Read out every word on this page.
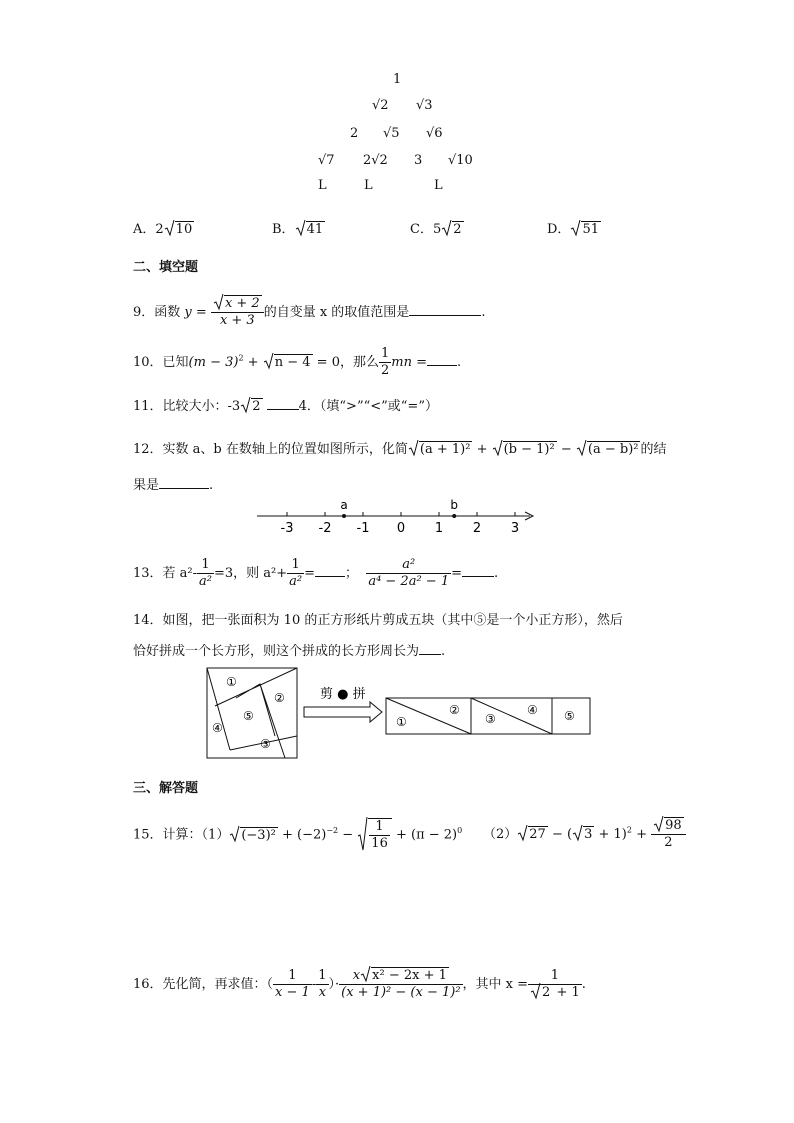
1
√2 √3
2 √5 √6
√7 2√2 3 √10
L	L	L
A．2 10	B． 41	C．5 2	D． 51
二、填空题
9．函数 $y = \frac{x + 2}{x + 3}$ 的自变量 x 的取值范围是	.
10．已知$(m - 3)^2$ +
n − 4 = 0，那么 $\frac{1}{2}$ mn = .
11．比较大小：-3 2	4．（填“>”“<”或“=”）
12．实数 a、b 在数轴上的位置如图所示，化简 (a + 1)² +
(b − 1)² −
(a − b)² 的结
果是	.
-3 -2 -1 0 1 2 3
a	b
13．若 $a^2- \frac{1}{\text{a²}} =3$，则 $a^2+ \frac{1}{\text{a²}}$ = ； $\frac{\text{a²}}{\text{a⁴ − 2a² − 1}}$ = .
14．如图，把一张面积为 10 的正方形纸片剪成五块（其中⑤是一个小正方形），然后
恰好拼成一个长方形，则这个拼成的长方形周长为 .
①
②
⑤
④
③
剪 ● 拼
①
②
③
④ ⑤
三、解答题
15．计算：（1） $(-3)^2 + (-2)^{-2} - \frac{1}{16} + (\pi - 2)^0$ （2） 27 − ( $3 + 1)^2 + \frac{98}{2}$
16．先化简，再求值：（ $\frac{1}{x - 1} - \frac{1}{x}$ ）· $\frac{\text{x x² − 2x + 1}}{\text{(x + 1)² − (x − 1)²}}$ ，其中 $x = \frac{1}{2 + 1}$ .
